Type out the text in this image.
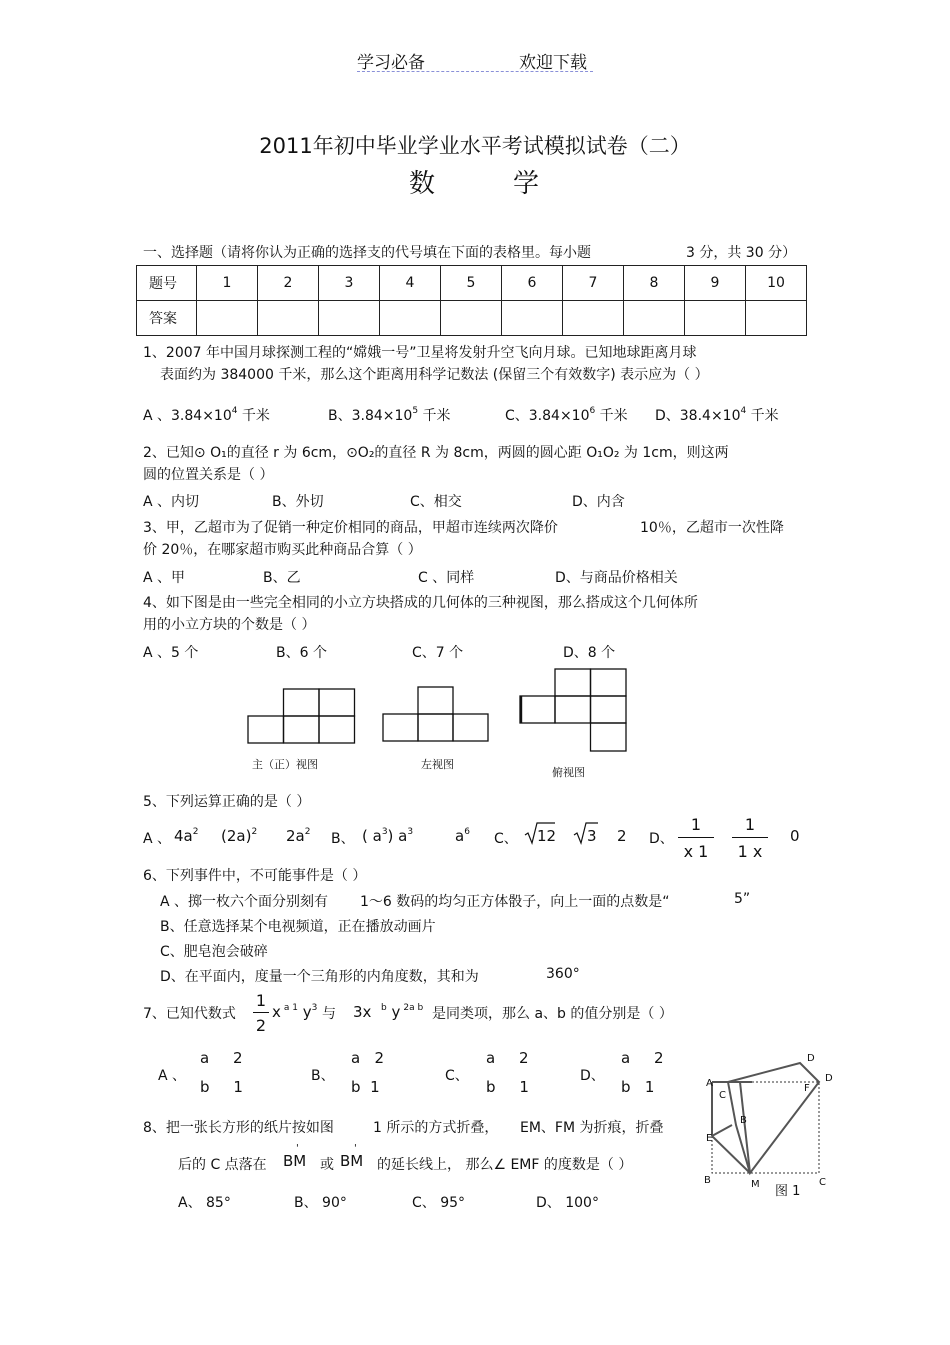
学习必备	欢迎下载
2011年初中毕业学业水平考试模拟试卷（二）
数	学
一、选择题（请将你认为正确的选择支的代号填在下面的表格里。每小题	3 分，共 30 分）
题号	1	2	3	4	5	6	7	8	9	10
答案										
1、2007 年中国月球探测工程的“嫦娥一号”卫星将发射升空飞向月球。已知地球距离月球
表面约为 384000 千米，那么这个距离用科学记数法 (保留三个有效数字) 表示应为（ ）
A 、$3.84\times 10^4$ 千米	B、$3.84\times 10^5$ 千米	C、$3.84\times 10^6$ 千米 D、$38.4\times 10^4$ 千米
2、已知⊙ O₁的直径 r 为 6cm，⊙O₂的直径 R 为 8cm，两圆的圆心距 O₁O₂ 为 1cm，则这两
圆的位置关系是（ ）
A 、内切	B、外切	C、相交	D、内含
3、甲，乙超市为了促销一种定价相同的商品，甲超市连续两次降价	10％，乙超市一次性降
价 20％，在哪家超市购买此种商品合算（ ）
A 、甲	B、乙	C 、同样	D、与商品价格相关
4、如下图是由一些完全相同的小立方块搭成的几何体的三种视图，那么搭成这个几何体所
用的小立方块的个数是（ ）
A 、5 个	B、6 个	C、7 个	D、8 个
主（正）视图	左视图
俯视图
5、下列运算正确的是（ ）
A 、 $4a^2$ $(2a)^2$ $2a^2$ B、 ( $a^3$) $a^3$	$a^6$ C、 12 3 2 D、
1
x 1
1
1 x
0
6、下列事件中，不可能事件是（ ）
A 、掷一枚六个面分别刻有 1～6 数码的均匀正方体骰子，向上一面的点数是“	5”
B、任意选择某个电视频道，正在播放动画片
C、肥皂泡会破碎
D、在平面内，度量一个三角形的内角度数，其和为	360°
7、已知代数式
1
2
x $^{a 1}$ $y^3$ 与 3x $^b$ y $^{2a b}$ 是同类项，那么 a、b 的值分别是（ ）
A 、
a 2
b 1
B、
a 2
b 1
C、
a 2
b 1
D、
a 2
b 1
8、把一张长方形的纸片按如图	1 所示的方式折叠， EM、FM 为折痕，折叠
后的 C 点落在 BM
'
或 BM
'
的延长线上， 那么∠ EMF 的度数是（ ）
A、 85°	B、 90°	C、 95°	D、 100°
D
A	D
C
F
B
E
B	M 图 1
C
